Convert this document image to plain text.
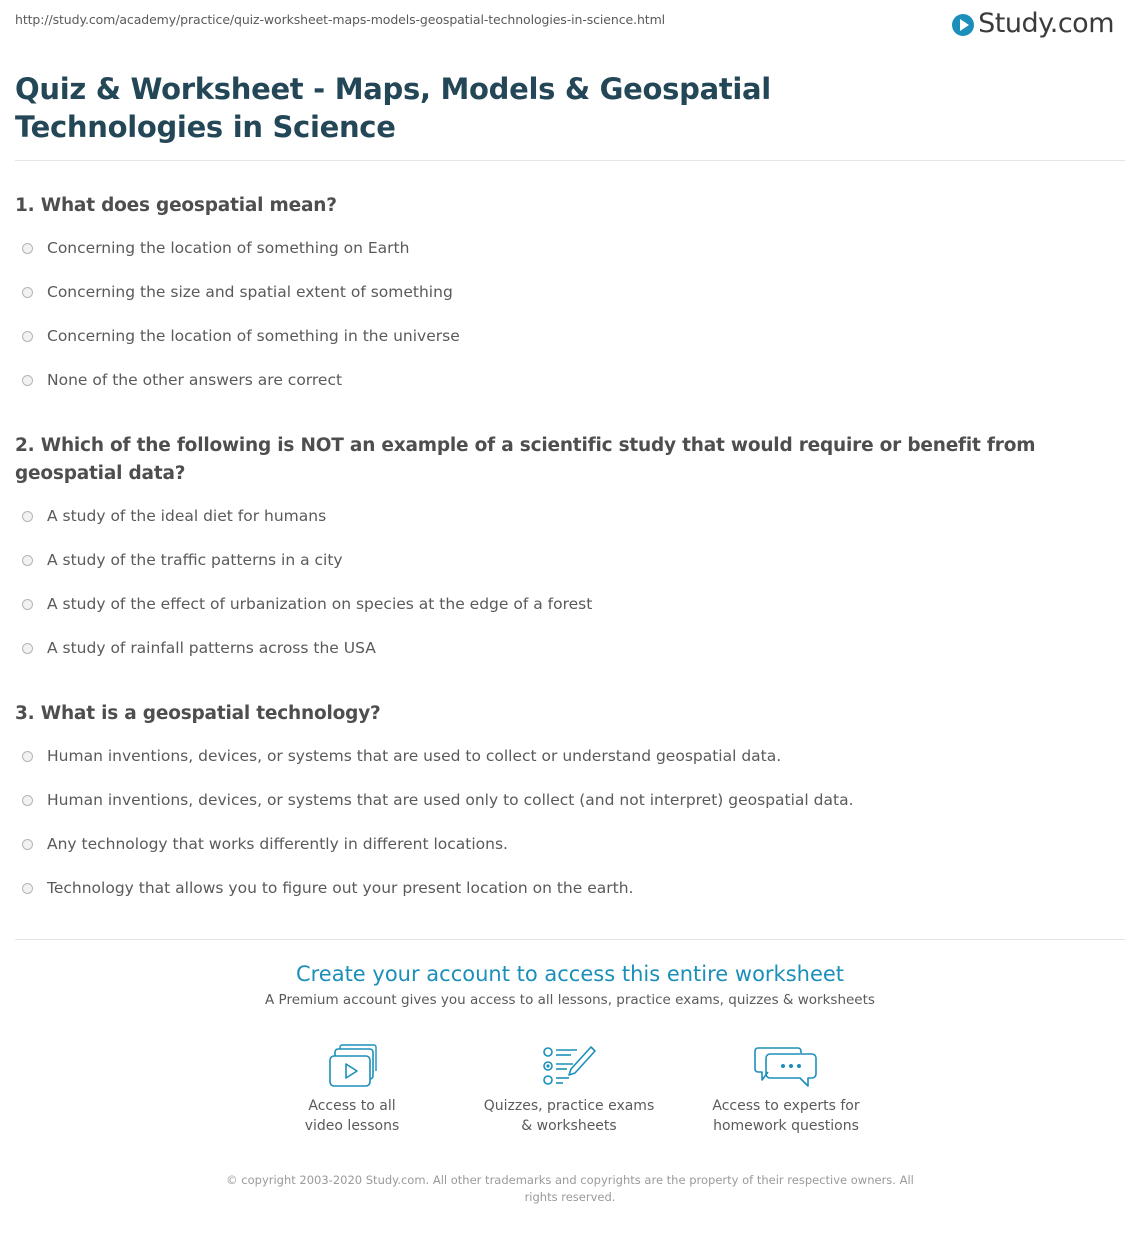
http://study.com/academy/practice/quiz-worksheet-maps-models-geospatial-technologies-in-science.html	Study.com
Quiz & Worksheet - Maps, Models & Geospatial Technologies in Science
1. What does geospatial mean?
Concerning the location of something on Earth
Concerning the size and spatial extent of something
Concerning the location of something in the universe
None of the other answers are correct
2. Which of the following is NOT an example of a scientific study that would require or benefit from geospatial data?
A study of the ideal diet for humans
A study of the traffic patterns in a city
A study of the effect of urbanization on species at the edge of a forest
A study of rainfall patterns across the USA
3. What is a geospatial technology?
Human inventions, devices, or systems that are used to collect or understand geospatial data.
Human inventions, devices, or systems that are used only to collect (and not interpret) geospatial data.
Any technology that works differently in different locations.
Technology that allows you to figure out your present location on the earth.
Create your account to access this entire worksheet
A Premium account gives you access to all lessons, practice exams, quizzes & worksheets
Access to all
video lessons
Quizzes, practice exams
& worksheets
Access to experts for
homework questions
© copyright 2003-2020 Study.com. All other trademarks and copyrights are the property of their respective owners. All rights reserved.
